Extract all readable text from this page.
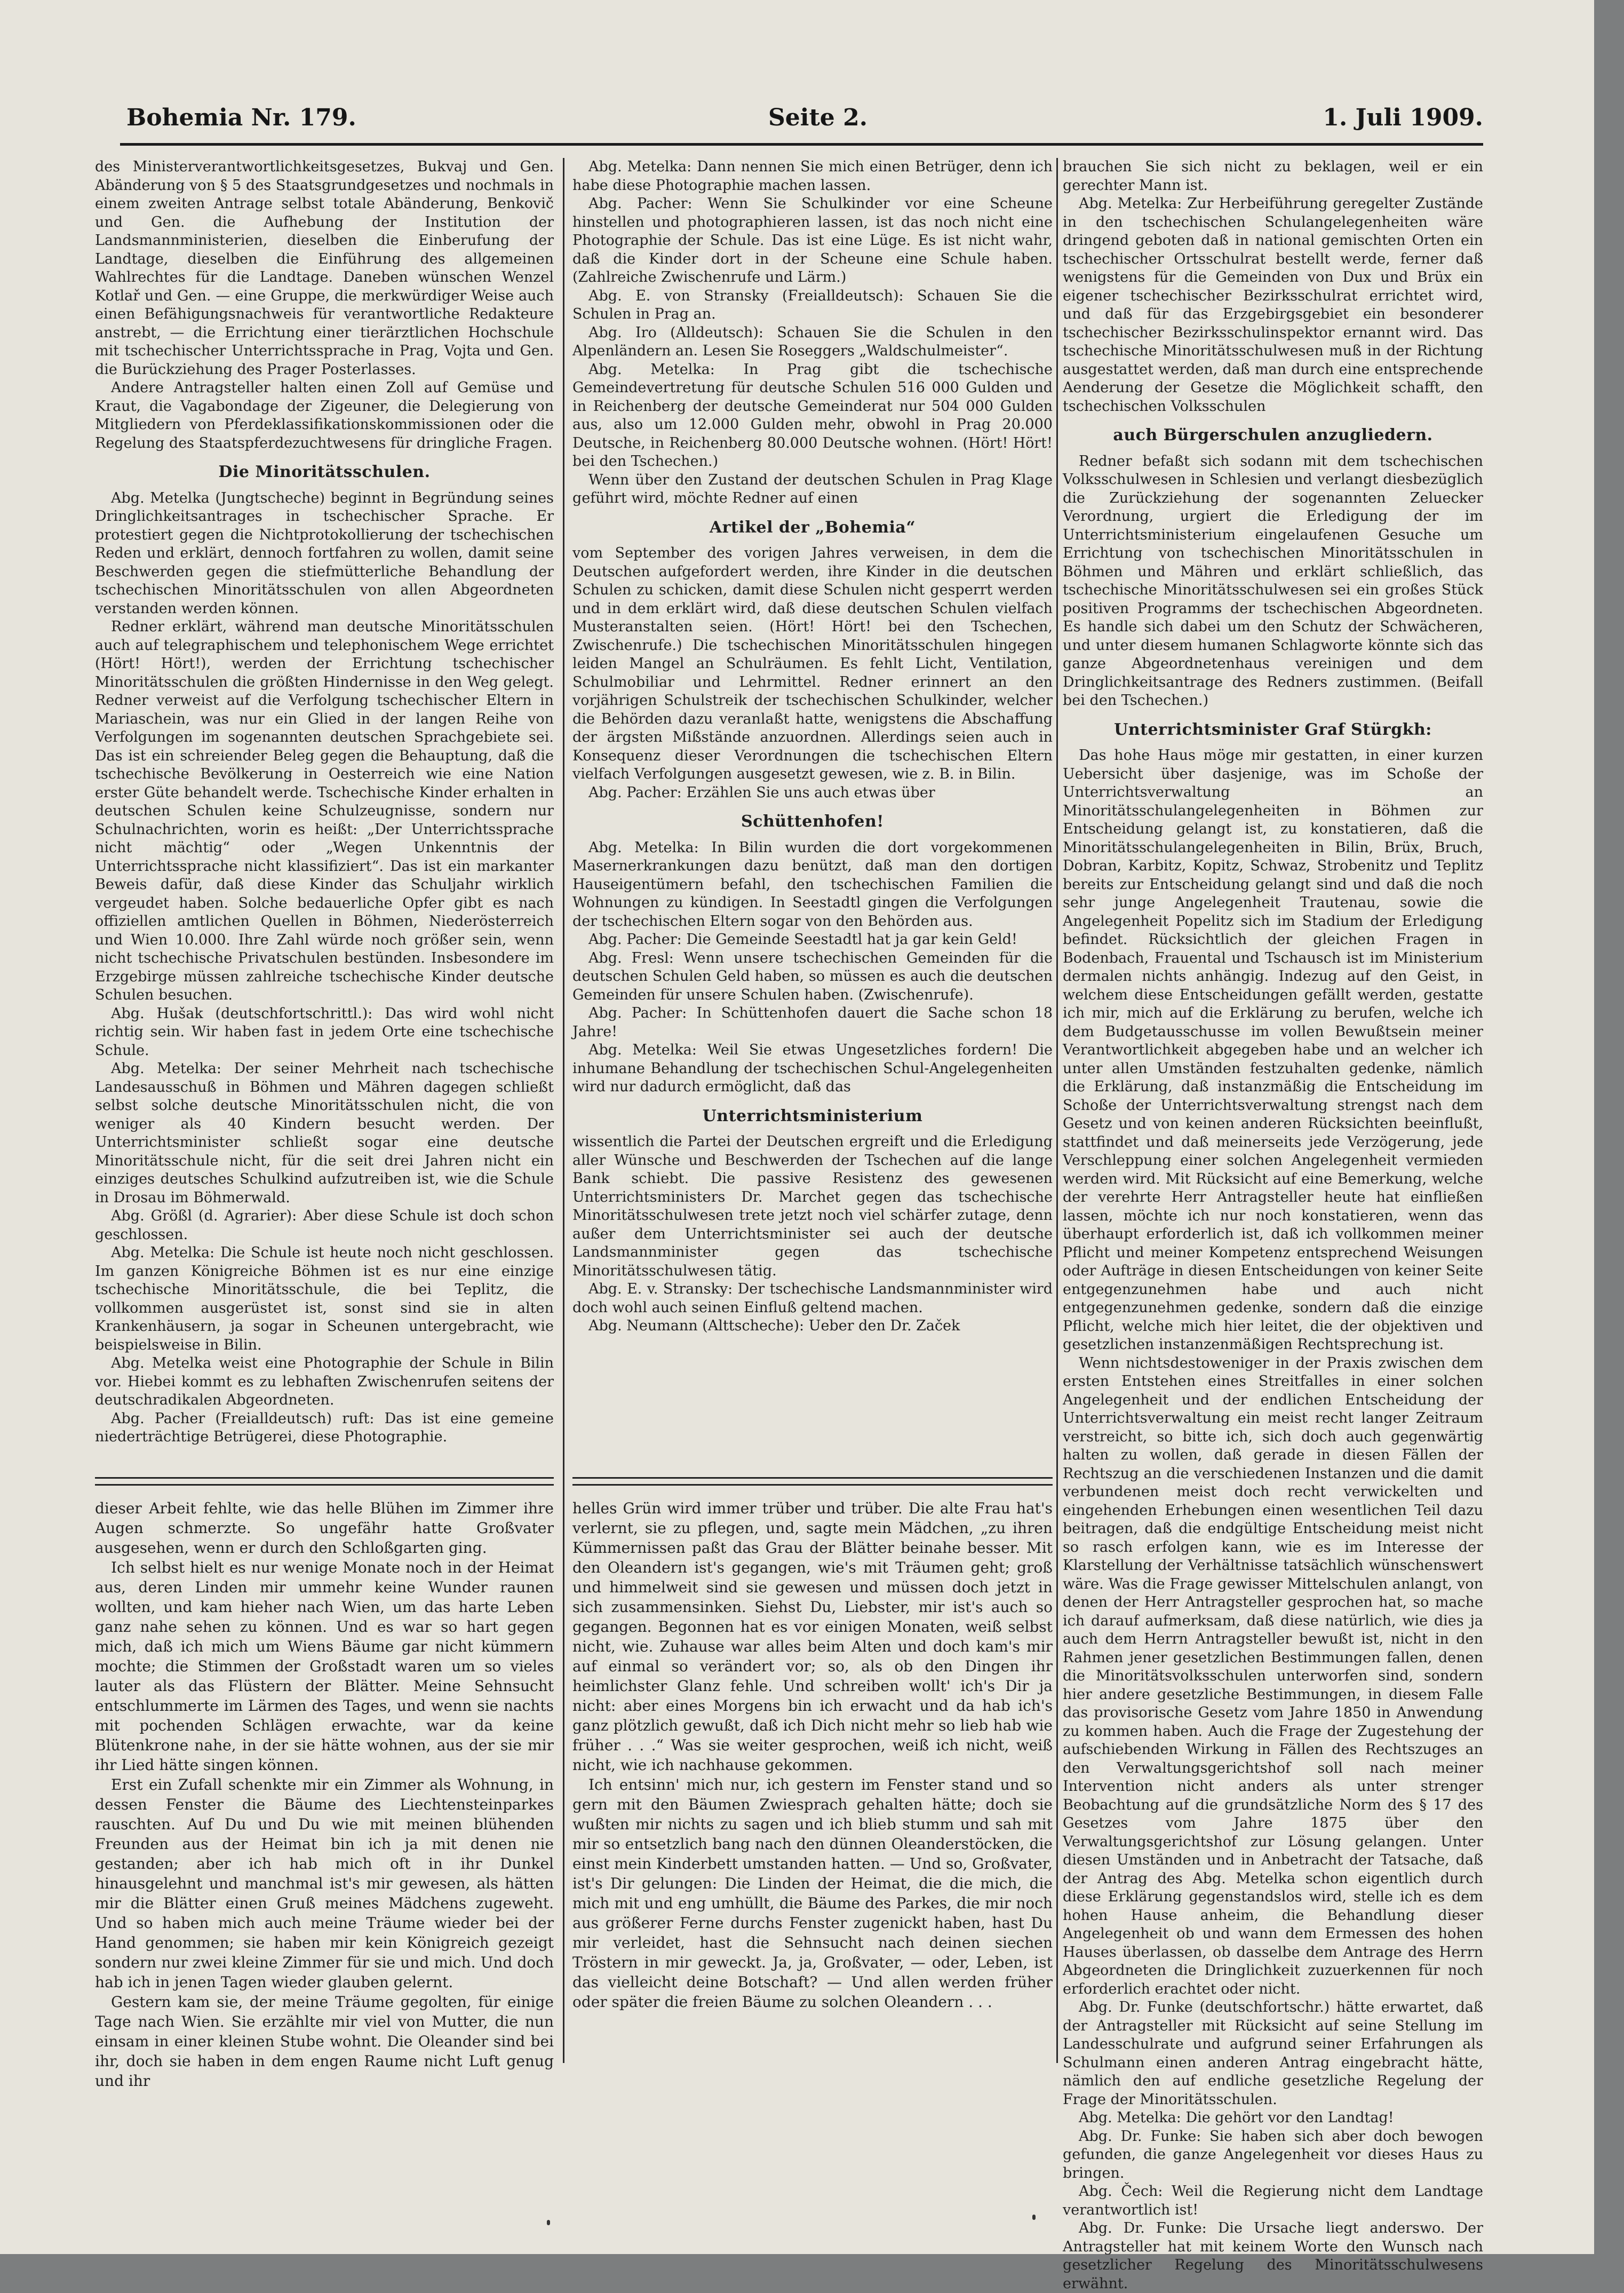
Bohemia Nr. 179.	Seite 2.	1. Juli 1909.

des Ministerverantwortlichkeitsgesetzes, Bukvaj und Gen. Abänderung von § 5 des Staatsgrundgesetzes und nochmals in einem zweiten Antrage selbst totale Abänderung, Benkovič und Gen. die Aufhebung der Institution der Landsmannministerien, dieselben die Einberufung der Landtage, dieselben die Einführung des allgemeinen Wahlrechtes für die Landtage. Daneben wünschen Wenzel Kotlař und Gen. — eine Gruppe, die merkwürdiger Weise auch einen Befähigungsnachweis für verantwortliche Redakteure anstrebt, — die Errichtung einer tierärztlichen Hochschule mit tschechischer Unterrichtssprache in Prag, Vojta und Gen. die Burückziehung des Prager Posterlasses.

Andere Antragsteller halten einen Zoll auf Gemüse und Kraut, die Vagabondage der Zigeuner, die Delegierung von Mitgliedern von Pferdeklassifikationskommissionen oder die Regelung des Staatspferdezuchtwesens für dringliche Fragen.

Die Minoritätsschulen.

Abg. Metelka (Jungtscheche) beginnt in Begründung seines Dringlichkeitsantrages in tschechischer Sprache. Er protestiert gegen die Nichtprotokollierung der tschechischen Reden und erklärt, dennoch fortfahren zu wollen, damit seine Beschwerden gegen die stiefmütterliche Behandlung der tschechischen Minoritätsschulen von allen Abgeordneten verstanden werden können.

Redner erklärt, während man deutsche Minoritätsschulen auch auf telegraphischem und telephonischem Wege errichtet (Hört! Hört!), werden der Errichtung tschechischer Minoritätsschulen die größten Hindernisse in den Weg gelegt. Redner verweist auf die Verfolgung tschechischer Eltern in Mariaschein, was nur ein Glied in der langen Reihe von Verfolgungen im sogenannten deutschen Sprachgebiete sei. Das ist ein schreiender Beleg gegen die Behauptung, daß die tschechische Bevölkerung in Oesterreich wie eine Nation erster Güte behandelt werde. Tschechische Kinder erhalten in deutschen Schulen keine Schulzeugnisse, sondern nur Schulnachrichten, worin es heißt: „Der Unterrichtssprache nicht mächtig“ oder „Wegen Unkenntnis der Unterrichtssprache nicht klassifiziert“. Das ist ein markanter Beweis dafür, daß diese Kinder das Schuljahr wirklich vergeudet haben. Solche bedauerliche Opfer gibt es nach offiziellen amtlichen Quellen in Böhmen, Niederösterreich und Wien 10.000. Ihre Zahl würde noch größer sein, wenn nicht tschechische Privatschulen bestünden. Insbesondere im Erzgebirge müssen zahlreiche tschechische Kinder deutsche Schulen besuchen.

Abg. Hušak (deutschfortschrittl.): Das wird wohl nicht richtig sein. Wir haben fast in jedem Orte eine tschechische Schule.

Abg. Metelka: Der seiner Mehrheit nach tschechische Landesausschuß in Böhmen und Mähren dagegen schließt selbst solche deutsche Minoritätsschulen nicht, die von weniger als 40 Kindern besucht werden. Der Unterrichtsminister schließt sogar eine deutsche Minoritätsschule nicht, für die seit drei Jahren nicht ein einziges deutsches Schulkind aufzutreiben ist, wie die Schule in Drosau im Böhmerwald.

Abg. Größl (d. Agrarier): Aber diese Schule ist doch schon geschlossen.

Abg. Metelka: Die Schule ist heute noch nicht geschlossen. Im ganzen Königreiche Böhmen ist es nur eine einzige tschechische Minoritätsschule, die bei Teplitz, die vollkommen ausgerüstet ist, sonst sind sie in alten Krankenhäusern, ja sogar in Scheunen untergebracht, wie beispielsweise in Bilin.

Abg. Metelka weist eine Photographie der Schule in Bilin vor. Hiebei kommt es zu lebhaften Zwischenrufen seitens der deutschradikalen Abgeordneten.

Abg. Pacher (Freialldeutsch) ruft: Das ist eine gemeine niederträchtige Betrügerei, diese Photographie.

Abg. Metelka: Dann nennen Sie mich einen Betrüger, denn ich habe diese Photographie machen lassen.

Abg. Pacher: Wenn Sie Schulkinder vor eine Scheune hinstellen und photographieren lassen, ist das noch nicht eine Photographie der Schule. Das ist eine Lüge. Es ist nicht wahr, daß die Kinder dort in der Scheune eine Schule haben. (Zahlreiche Zwischenrufe und Lärm.)

Abg. E. von Stransky (Freialldeutsch): Schauen Sie die Schulen in Prag an.

Abg. Iro (Alldeutsch): Schauen Sie die Schulen in den Alpenländern an. Lesen Sie Roseggers „Waldschulmeister“.

Abg. Metelka: In Prag gibt die tschechische Gemeindevertretung für deutsche Schulen 516 000 Gulden und in Reichenberg der deutsche Gemeinderat nur 504 000 Gulden aus, also um 12.000 Gulden mehr, obwohl in Prag 20.000 Deutsche, in Reichenberg 80.000 Deutsche wohnen. (Hört! Hört! bei den Tschechen.)

Wenn über den Zustand der deutschen Schulen in Prag Klage geführt wird, möchte Redner auf einen

Artikel der „Bohemia“

vom September des vorigen Jahres verweisen, in dem die Deutschen aufgefordert werden, ihre Kinder in die deutschen Schulen zu schicken, damit diese Schulen nicht gesperrt werden und in dem erklärt wird, daß diese deutschen Schulen vielfach Musteranstalten seien. (Hört! Hört! bei den Tschechen, Zwischenrufe.) Die tschechischen Minoritätsschulen hingegen leiden Mangel an Schulräumen. Es fehlt Licht, Ventilation, Schulmobiliar und Lehrmittel. Redner erinnert an den vorjährigen Schulstreik der tschechischen Schulkinder, welcher die Behörden dazu veranlaßt hatte, wenigstens die Abschaffung der ärgsten Mißstände anzuordnen. Allerdings seien auch in Konsequenz dieser Verordnungen die tschechischen Eltern vielfach Verfolgungen ausgesetzt gewesen, wie z. B. in Bilin.

Abg. Pacher: Erzählen Sie uns auch etwas über

Schüttenhofen!

Abg. Metelka: In Bilin wurden die dort vorgekommenen Masernerkrankungen dazu benützt, daß man den dortigen Hauseigentümern befahl, den tschechischen Familien die Wohnungen zu kündigen. In Seestadtl gingen die Verfolgungen der tschechischen Eltern sogar von den Behörden aus.

Abg. Pacher: Die Gemeinde Seestadtl hat ja gar kein Geld!

Abg. Fresl: Wenn unsere tschechischen Gemeinden für die deutschen Schulen Geld haben, so müssen es auch die deutschen Gemeinden für unsere Schulen haben. (Zwischenrufe).

Abg. Pacher: In Schüttenhofen dauert die Sache schon 18 Jahre!

Abg. Metelka: Weil Sie etwas Ungesetzliches fordern! Die inhumane Behandlung der tschechischen Schul-Angelegenheiten wird nur dadurch ermöglicht, daß das

Unterrichtsministerium

wissentlich die Partei der Deutschen ergreift und die Erledigung aller Wünsche und Beschwerden der Tschechen auf die lange Bank schiebt. Die passive Resistenz des gewesenen Unterrichtsministers Dr. Marchet gegen das tschechische Minoritätsschulwesen trete jetzt noch viel schärfer zutage, denn außer dem Unterrichtsminister sei auch der deutsche Landsmannminister gegen das tschechische Minoritätsschulwesen tätig.

Abg. E. v. Stransky: Der tschechische Landsmannminister wird doch wohl auch seinen Einfluß geltend machen.

Abg. Neumann (Alttscheche): Ueber den Dr. Začek

brauchen Sie sich nicht zu beklagen, weil er ein gerechter Mann ist.

Abg. Metelka: Zur Herbeiführung geregelter Zustände in den tschechischen Schulangelegenheiten wäre dringend geboten daß in national gemischten Orten ein tschechischer Ortsschulrat bestellt werde, ferner daß wenigstens für die Gemeinden von Dux und Brüx ein eigener tschechischer Bezirksschulrat errichtet wird, und daß für das Erzgebirgsgebiet ein besonderer tschechischer Bezirksschulinspektor ernannt wird. Das tschechische Minoritätsschulwesen muß in der Richtung ausgestattet werden, daß man durch eine entsprechende Aenderung der Gesetze die Möglichkeit schafft, den tschechischen Volksschulen

auch Bürgerschulen anzugliedern.

Redner befaßt sich sodann mit dem tschechischen Volksschulwesen in Schlesien und verlangt diesbezüglich die Zurückziehung der sogenannten Zeluecker Verordnung, urgiert die Erledigung der im Unterrichtsministerium eingelaufenen Gesuche um Errichtung von tschechischen Minoritätsschulen in Böhmen und Mähren und erklärt schließlich, das tschechische Minoritätsschulwesen sei ein großes Stück positiven Programms der tschechischen Abgeordneten. Es handle sich dabei um den Schutz der Schwächeren, und unter diesem humanen Schlagworte könnte sich das ganze Abgeordnetenhaus vereinigen und dem Dringlichkeitsantrage des Redners zustimmen. (Beifall bei den Tschechen.)

Unterrichtsminister Graf Stürgkh:

Das hohe Haus möge mir gestatten, in einer kurzen Uebersicht über dasjenige, was im Schoße der Unterrichtsverwaltung an Minoritätsschulangelegenheiten in Böhmen zur Entscheidung gelangt ist, zu konstatieren, daß die Minoritätsschulangelegenheiten in Bilin, Brüx, Bruch, Dobran, Karbitz, Kopitz, Schwaz, Strobenitz und Teplitz bereits zur Entscheidung gelangt sind und daß die noch sehr junge Angelegenheit Trautenau, sowie die Angelegenheit Popelitz sich im Stadium der Erledigung befindet. Rücksichtlich der gleichen Fragen in Bodenbach, Frauental und Tschausch ist im Ministerium dermalen nichts anhängig. Indezug auf den Geist, in welchem diese Entscheidungen gefällt werden, gestatte ich mir, mich auf die Erklärung zu berufen, welche ich dem Budgetausschusse im vollen Bewußtsein meiner Verantwortlichkeit abgegeben habe und an welcher ich unter allen Umständen festzuhalten gedenke, nämlich die Erklärung, daß instanzmäßig die Entscheidung im Schoße der Unterrichtsverwaltung strengst nach dem Gesetz und von keinen anderen Rücksichten beeinflußt, stattfindet und daß meinerseits jede Verzögerung, jede Verschleppung einer solchen Angelegenheit vermieden werden wird. Mit Rücksicht auf eine Bemerkung, welche der verehrte Herr Antragsteller heute hat einfließen lassen, möchte ich nur noch konstatieren, wenn das überhaupt erforderlich ist, daß ich vollkommen meiner Pflicht und meiner Kompetenz entsprechend Weisungen oder Aufträge in diesen Entscheidungen von keiner Seite entgegenzunehmen habe und auch nicht entgegenzunehmen gedenke, sondern daß die einzige Pflicht, welche mich hier leitet, die der objektiven und gesetzlichen instanzenmäßigen Rechtsprechung ist.

Wenn nichtsdestoweniger in der Praxis zwischen dem ersten Entstehen eines Streitfalles in einer solchen Angelegenheit und der endlichen Entscheidung der Unterrichtsverwaltung ein meist recht langer Zeitraum verstreicht, so bitte ich, sich doch auch gegenwärtig halten zu wollen, daß gerade in diesen Fällen der Rechtszug an die verschiedenen Instanzen und die damit verbundenen meist doch recht verwickelten und eingehenden Erhebungen einen wesentlichen Teil dazu beitragen, daß die endgültige Entscheidung meist nicht so rasch erfolgen kann, wie es im Interesse der Klarstellung der Verhältnisse tatsächlich wünschenswert wäre. Was die Frage gewisser Mittelschulen anlangt, von denen der Herr Antragsteller gesprochen hat, so mache ich darauf aufmerksam, daß diese natürlich, wie dies ja auch dem Herrn Antragsteller bewußt ist, nicht in den Rahmen jener gesetzlichen Bestimmungen fallen, denen die Minoritätsvolksschulen unterworfen sind, sondern hier andere gesetzliche Bestimmungen, in diesem Falle das provisorische Gesetz vom Jahre 1850 in Anwendung zu kommen haben. Auch die Frage der Zugestehung der aufschiebenden Wirkung in Fällen des Rechtszuges an den Verwaltungsgerichtshof soll nach meiner Intervention nicht anders als unter strenger Beobachtung auf die grundsätzliche Norm des § 17 des Gesetzes vom Jahre 1875 über den Verwaltungsgerichtshof zur Lösung gelangen. Unter diesen Umständen und in Anbetracht der Tatsache, daß der Antrag des Abg. Metelka schon eigentlich durch diese Erklärung gegenstandslos wird, stelle ich es dem hohen Hause anheim, die Behandlung dieser Angelegenheit ob und wann dem Ermessen des hohen Hauses überlassen, ob dasselbe dem Antrage des Herrn Abgeordneten die Dringlichkeit zuzuerkennen für noch erforderlich erachtet oder nicht.

Abg. Dr. Funke (deutschfortschr.) hätte erwartet, daß der Antragsteller mit Rücksicht auf seine Stellung im Landesschulrate und aufgrund seiner Erfahrungen als Schulmann einen anderen Antrag eingebracht hätte, nämlich den auf endliche gesetzliche Regelung der Frage der Minoritätsschulen.

Abg. Metelka: Die gehört vor den Landtag!

Abg. Dr. Funke: Sie haben sich aber doch bewogen gefunden, die ganze Angelegenheit vor dieses Haus zu bringen.

Abg. Čech: Weil die Regierung nicht dem Landtage verantwortlich ist!

Abg. Dr. Funke: Die Ursache liegt anderswo. Der Antragsteller hat mit keinem Worte den Wunsch nach gesetzlicher Regelung des Minoritätsschulwesens erwähnt.

dieser Arbeit fehlte, wie das helle Blühen im Zimmer ihre Augen schmerzte. So ungefähr hatte Großvater ausgesehen, wenn er durch den Schloßgarten ging.

Ich selbst hielt es nur wenige Monate noch in der Heimat aus, deren Linden mir ummehr keine Wunder raunen wollten, und kam hieher nach Wien, um das harte Leben ganz nahe sehen zu können. Und es war so hart gegen mich, daß ich mich um Wiens Bäume gar nicht kümmern mochte; die Stimmen der Großstadt waren um so vieles lauter als das Flüstern der Blätter. Meine Sehnsucht entschlummerte im Lärmen des Tages, und wenn sie nachts mit pochenden Schlägen erwachte, war da keine Blütenkrone nahe, in der sie hätte wohnen, aus der sie mir ihr Lied hätte singen können.

Erst ein Zufall schenkte mir ein Zimmer als Wohnung, in dessen Fenster die Bäume des Liechtensteinparkes rauschten. Auf Du und Du wie mit meinen blühenden Freunden aus der Heimat bin ich ja mit denen nie gestanden; aber ich hab mich oft in ihr Dunkel hinausgelehnt und manchmal ist's mir gewesen, als hätten mir die Blätter einen Gruß meines Mädchens zugeweht. Und so haben mich auch meine Träume wieder bei der Hand genommen; sie haben mir kein Königreich gezeigt sondern nur zwei kleine Zimmer für sie und mich. Und doch hab ich in jenen Tagen wieder glauben gelernt.

Gestern kam sie, der meine Träume gegolten, für einige Tage nach Wien. Sie erzählte mir viel von Mutter, die nun einsam in einer kleinen Stube wohnt. Die Oleander sind bei ihr, doch sie haben in dem engen Raume nicht Luft genug und ihr

helles Grün wird immer trüber und trüber. Die alte Frau hat's verlernt, sie zu pflegen, und, sagte mein Mädchen, „zu ihren Kümmernissen paßt das Grau der Blätter beinahe besser. Mit den Oleandern ist's gegangen, wie's mit Träumen geht; groß und himmelweit sind sie gewesen und müssen doch jetzt in sich zusammensinken. Siehst Du, Liebster, mir ist's auch so gegangen. Begonnen hat es vor einigen Monaten, weiß selbst nicht, wie. Zuhause war alles beim Alten und doch kam's mir auf einmal so verändert vor; so, als ob den Dingen ihr heimlichster Glanz fehle. Und schreiben wollt' ich's Dir ja nicht: aber eines Morgens bin ich erwacht und da hab ich's ganz plötzlich gewußt, daß ich Dich nicht mehr so lieb hab wie früher . . .“ Was sie weiter gesprochen, weiß ich nicht, weiß nicht, wie ich nachhause gekommen.

Ich entsinn' mich nur, ich gestern im Fenster stand und so gern mit den Bäumen Zwiesprach gehalten hätte; doch sie wußten mir nichts zu sagen und ich blieb stumm und sah mit mir so entsetzlich bang nach den dünnen Oleanderstöcken, die einst mein Kinderbett umstanden hatten. — Und so, Großvater, ist's Dir gelungen: Die Linden der Heimat, die die mich, die mich mit und eng umhüllt, die Bäume des Parkes, die mir noch aus größerer Ferne durchs Fenster zugenickt haben, hast Du mir verleidet, hast die Sehnsucht nach deinen siechen Tröstern in mir geweckt. Ja, ja, Großvater, — oder, Leben, ist das vielleicht deine Botschaft? — Und allen werden früher oder später die freien Bäume zu solchen Oleandern . . .
